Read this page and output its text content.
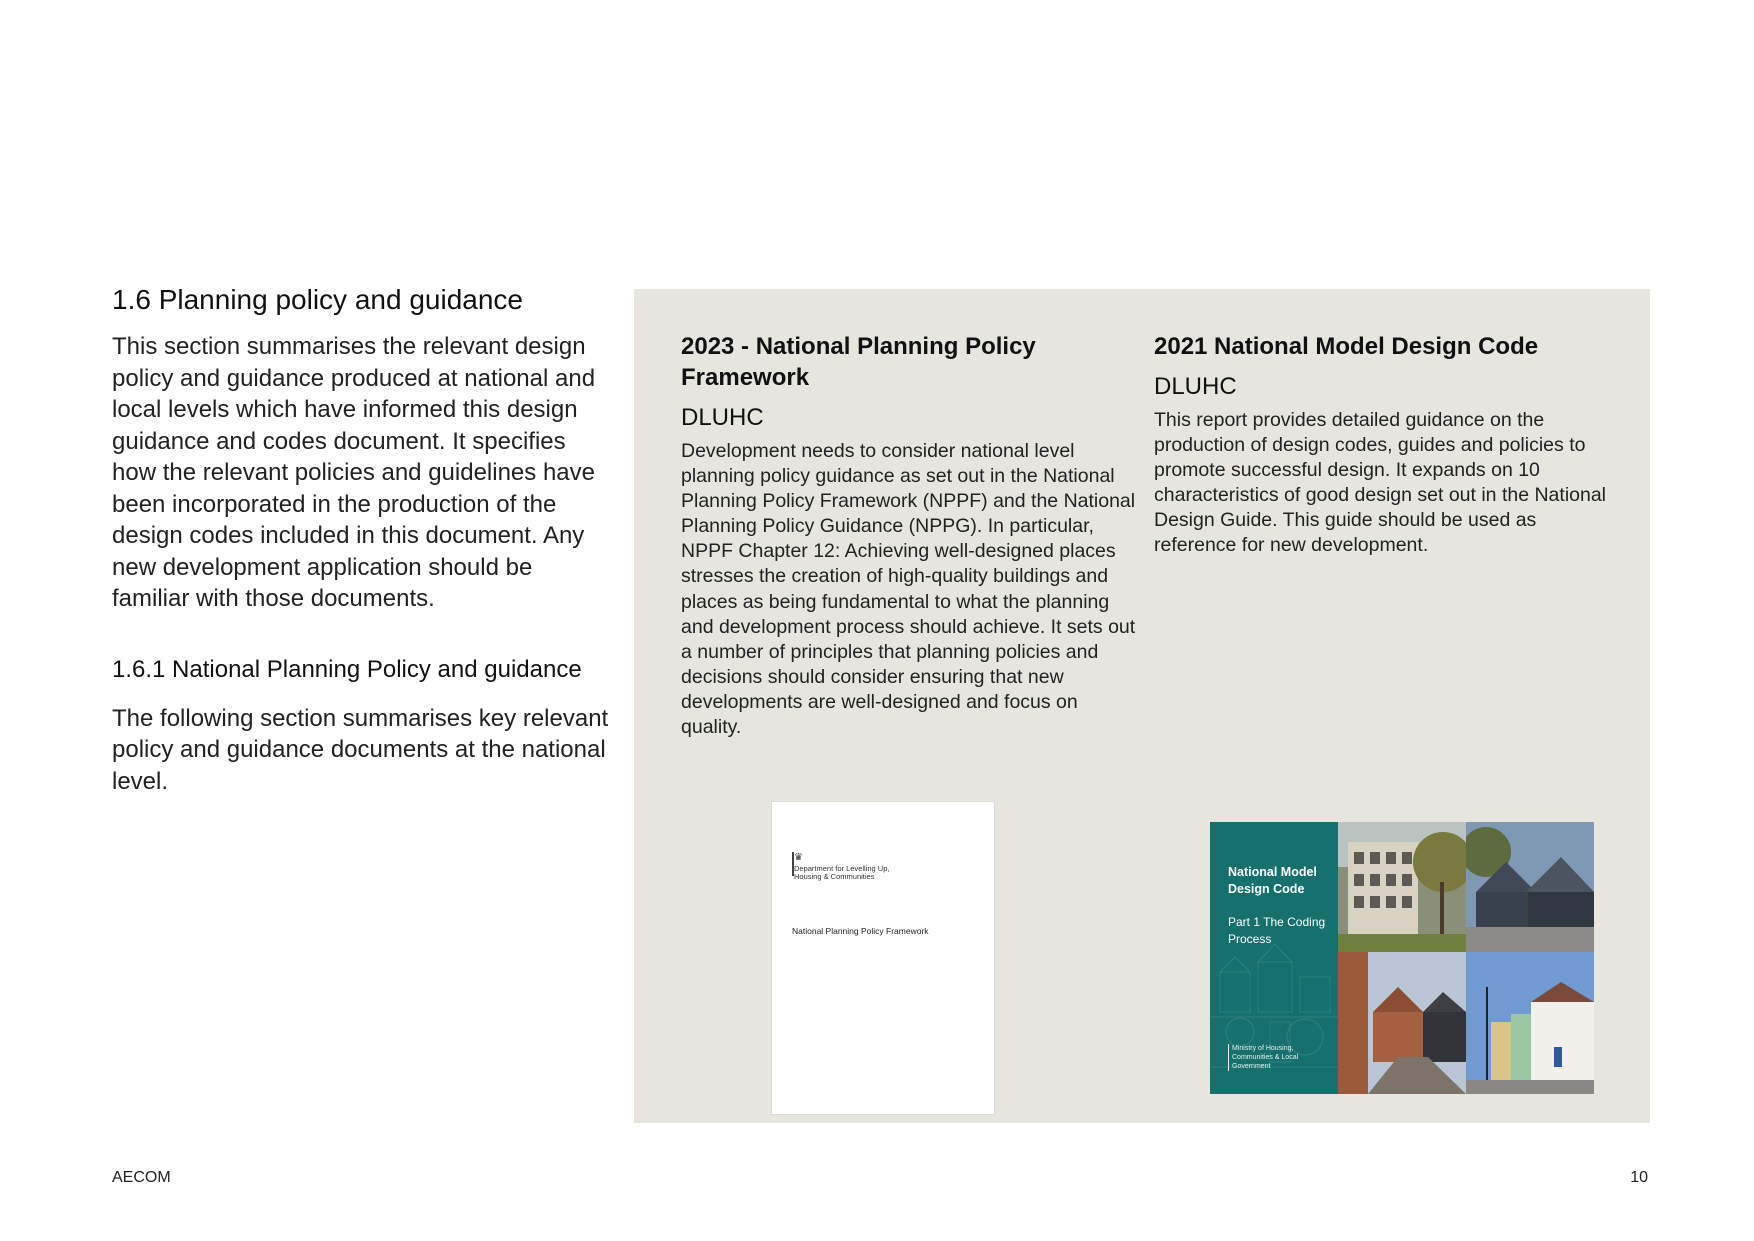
1.6 Planning policy and guidance

This section summarises the relevant design policy and guidance produced at national and local levels which have informed this design guidance and codes document. It specifies how the relevant policies and guidelines have been incorporated in the production of the design codes included in this document. Any new development application should be familiar with those documents.

1.6.1 National Planning Policy and guidance

The following section summarises key relevant policy and guidance documents at the national level.

2023 - National Planning Policy Framework
DLUHC

Development needs to consider national level planning policy guidance as set out in the National Planning Policy Framework (NPPF) and the National Planning Policy Guidance (NPPG). In particular, NPPF Chapter 12: Achieving well-designed places stresses the creation of high-quality buildings and places as being fundamental to what the planning and development process should achieve. It sets out a number of principles that planning policies and decisions should consider ensuring that new developments are well-designed and focus on quality.

2021 National Model Design Code
DLUHC

This report provides detailed guidance on the production of design codes, guides and policies to promote successful design. It expands on 10 characteristics of good design set out in the National Design Guide. This guide should be used as reference for new development.

♛
Department for Levelling Up, Housing & Communities
National Planning Policy Framework
National Model Design Code
Part 1 The Coding Process
Ministry of Housing, Communities & Local Government
AECOM	10
